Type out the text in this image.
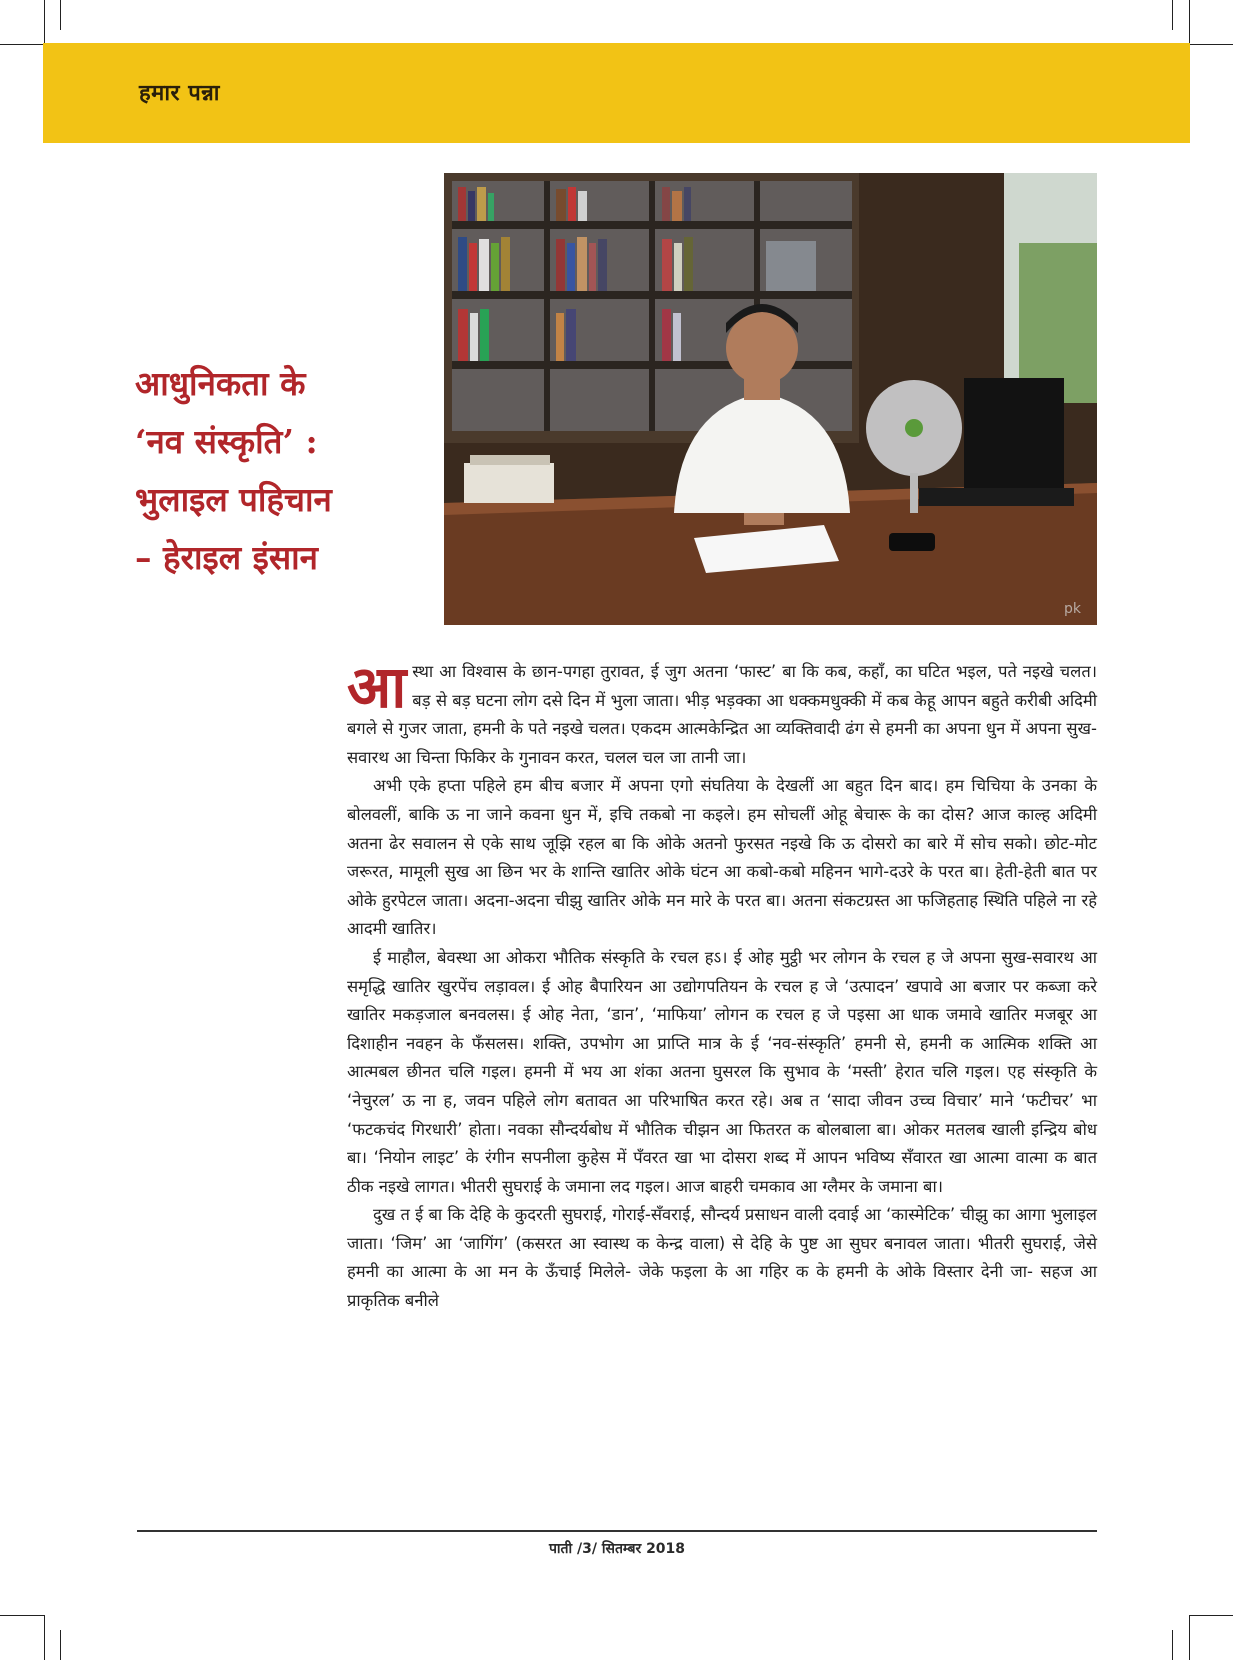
हमार पन्ना
आधुनिकता के
‘नव संस्कृति’ :
भुलाइल पहिचान
– हेराइल इंसान
pk

आस्था आ विश्वास के छान-पगहा तुरावत, ई जुग अतना ‘फास्ट’ बा कि कब, कहाँ, का घटित भइल, पते नइखे चलत। बड़ से बड़ घटना लोग दसे दिन में भुला जाता। भीड़ भड़क्का आ धक्कमधुक्की में कब केहू आपन बहुते करीबी अदिमी बगले से गुजर जाता, हमनी के पते नइखे चलत। एकदम आत्मकेन्द्रित आ व्यक्तिवादी ढंग से हमनी का अपना धुन में अपना सुख-सवारथ आ चिन्ता फिकिर के गुनावन करत, चलल चल जा तानी जा।

अभी एके हप्ता पहिले हम बीच बजार में अपना एगो संघतिया के देखलीं आ बहुत दिन बाद। हम चिचिया के उनका के बोलवलीं, बाकि ऊ ना जाने कवना धुन में, इचि तकबो ना कइले। हम सोचलीं ओहू बेचारू के का दोस? आज काल्ह अदिमी अतना ढेर सवालन से एके साथ जूझि रहल बा कि ओके अतनो फुरसत नइखे कि ऊ दोसरो का बारे में सोच सको। छोट-मोट जरूरत, मामूली सुख आ छिन भर के शान्ति खातिर ओके घंटन आ कबो-कबो महिनन भागे-दउरे के परत बा। हेती-हेती बात पर ओके हुरपेटल जाता। अदना-अदना चीझु खातिर ओके मन मारे के परत बा। अतना संकटग्रस्त आ फजिहताह स्थिति पहिले ना रहे आदमी खातिर।

ई माहौल, बेवस्था आ ओकरा भौतिक संस्कृति के रचल हऽ। ई ओह मुट्ठी भर लोगन के रचल ह जे अपना सुख-सवारथ आ समृद्धि खातिर खुरपेंच लड़ावल। ई ओह बैपारियन आ उद्योगपतियन के रचल ह जे ‘उत्पादन’ खपावे आ बजार पर कब्जा करे खातिर मकड़जाल बनवलस। ई ओह नेता, ‘डान’, ‘माफिया’ लोगन क रचल ह जे पइसा आ धाक जमावे खातिर मजबूर आ दिशाहीन नवहन के फँसलस। शक्ति, उपभोग आ प्राप्ति मात्र के ई ‘नव-संस्कृति’ हमनी से, हमनी क आत्मिक शक्ति आ आत्मबल छीनत चलि गइल। हमनी में भय आ शंका अतना घुसरल कि सुभाव के ‘मस्ती’ हेरात चलि गइल। एह संस्कृति के ‘नेचुरल’ ऊ ना ह, जवन पहिले लोग बतावत आ परिभाषित करत रहे। अब त ‘सादा जीवन उच्च विचार’ माने ‘फटीचर’ भा ‘फटकचंद गिरधारी’ होता। नवका सौन्दर्यबोध में भौतिक चीझन आ फितरत क बोलबाला बा। ओकर मतलब खाली इन्द्रिय बोध बा। ‘नियोन लाइट’ के रंगीन सपनीला कुहेस में पँवरत खा भा दोसरा शब्द में आपन भविष्य सँवारत खा आत्मा वात्मा क बात ठीक नइखे लागत। भीतरी सुघराई के जमाना लद गइल। आज बाहरी चमकाव आ ग्लैमर के जमाना बा।

दुख त ई बा कि देहि के कुदरती सुघराई, गोराई-सँवराई, सौन्दर्य प्रसाधन वाली दवाई आ ‘कास्मेटिक’ चीझु का आगा भुलाइल जाता। ‘जिम’ आ ‘जागिंग’ (कसरत आ स्वास्थ क केन्द्र वाला) से देहि के पुष्ट आ सुघर बनावल जाता। भीतरी सुघराई, जेसे हमनी का आत्मा के आ मन के ऊँचाई मिलेले- जेके फइला के आ गहिर क के हमनी के ओके विस्तार देनी जा- सहज आ प्राकृतिक बनीले

पाती /3/ सितम्बर 2018
